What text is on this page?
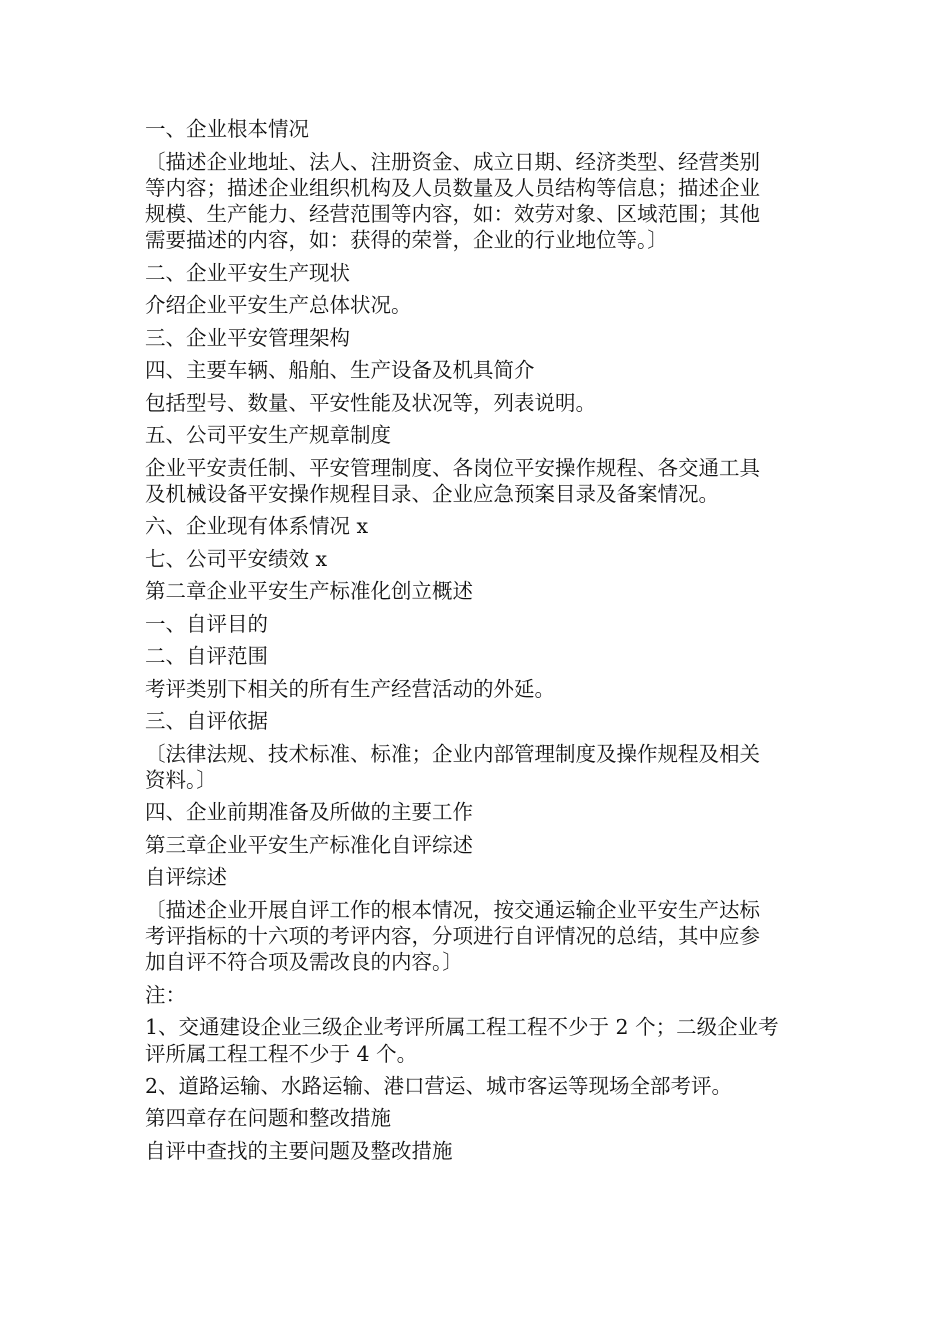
一、企业根本情况

〔描述企业地址、法人、注册资金、成立日期、经济类型、经营类别
等内容；描述企业组织机构及人员数量及人员结构等信息；描述企业
规模、生产能力、经营范围等内容，如：效劳对象、区域范围；其他
需要描述的内容，如：获得的荣誉，企业的行业地位等。〕

二、企业平安生产现状

介绍企业平安生产总体状况。

三、企业平安管理架构

四、主要车辆、船舶、生产设备及机具简介

包括型号、数量、平安性能及状况等，列表说明。

五、公司平安生产规章制度

企业平安责任制、平安管理制度、各岗位平安操作规程、各交通工具
及机械设备平安操作规程目录、企业应急预案目录及备案情况。

六、企业现有体系情况 x

七、公司平安绩效 x

第二章企业平安生产标准化创立概述

一、自评目的

二、自评范围

考评类别下相关的所有生产经营活动的外延。

三、自评依据

〔法律法规、技术标准、标准；企业内部管理制度及操作规程及相关
资料。〕

四、企业前期准备及所做的主要工作

第三章企业平安生产标准化自评综述

自评综述

〔描述企业开展自评工作的根本情况，按交通运输企业平安生产达标
考评指标的十六项的考评内容，分项进行自评情况的总结，其中应参
加自评不符合项及需改良的内容。〕

注：

1、交通建设企业三级企业考评所属工程工程不少于 2 个；二级企业考
评所属工程工程不少于 4 个。

2、道路运输、水路运输、港口营运、城市客运等现场全部考评。

第四章存在问题和整改措施

自评中查找的主要问题及整改措施
